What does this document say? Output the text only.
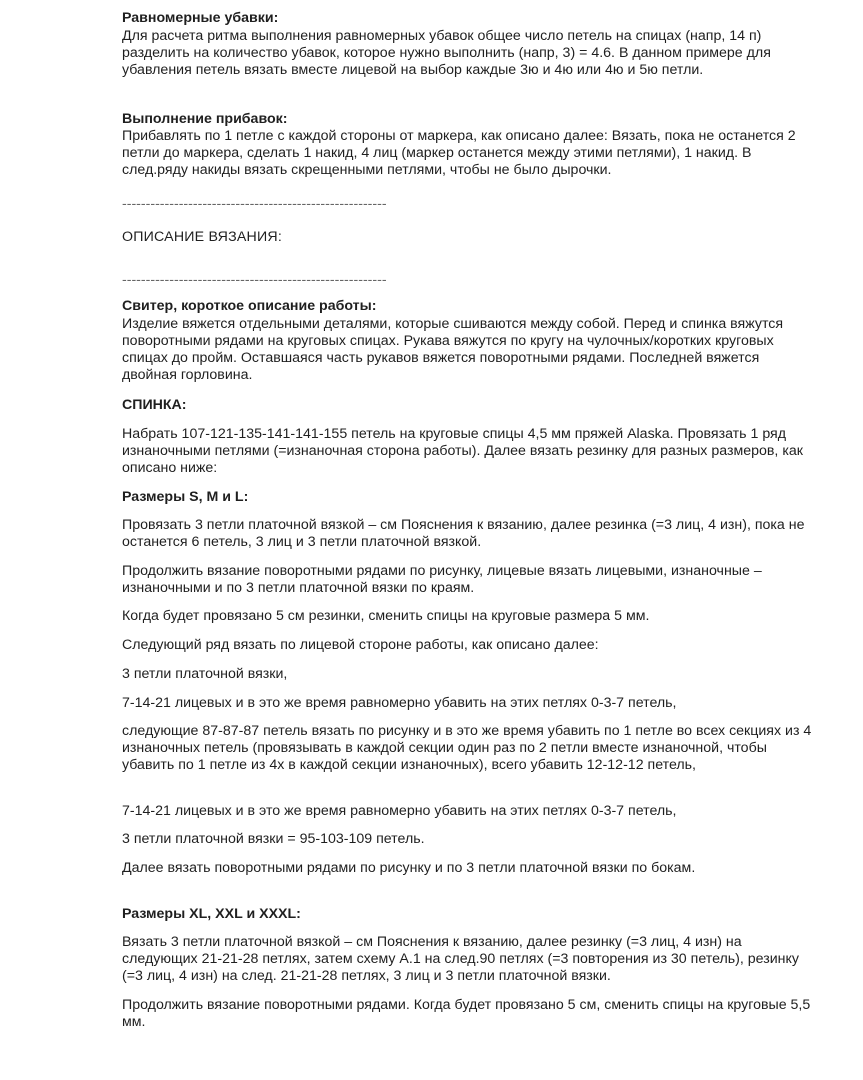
Равномерные убавки:

Для расчета ритма выполнения равномерных убавок общее число петель на спицах (напр, 14 п) разделить на количество убавок, которое нужно выполнить (напр, 3) = 4.6. В данном примере для убавления петель вязать вместе лицевой на выбор каждые 3ю и 4ю или 4ю и 5ю петли.

Выполнение прибавок:

Прибавлять по 1 петле с каждой стороны от маркера, как описано далее: Вязать, пока не останется 2 петли до маркера, сделать 1 накид, 4 лиц (маркер останется между этими петлями), 1 накид. В след.ряду накиды вязать скрещенными петлями, чтобы не было дырочки.

--------------------------------------------------------
ОПИСАНИЕ ВЯЗАНИЯ:
--------------------------------------------------------
Свитер, короткое описание работы:

Изделие вяжется отдельными деталями, которые сшиваются между собой. Перед и спинка вяжутся поворотными рядами на круговых спицах. Рукава вяжутся по кругу на чулочных/коротких круговых спицах до пройм. Оставшаяся часть рукавов вяжется поворотными рядами. Последней вяжется двойная горловина.

СПИНКА:

Набрать 107-121-135-141-141-155 петель на круговые спицы 4,5 мм пряжей Alaska. Провязать 1 ряд изнаночными петлями (=изнаночная сторона работы). Далее вязать резинку для разных размеров, как описано ниже:

Размеры S, M и L:

Провязать 3 петли платочной вязкой – см Пояснения к вязанию, далее резинка (=3 лиц, 4 изн), пока не останется 6 петель, 3 лиц и 3 петли платочной вязкой.

Продолжить вязание поворотными рядами по рисунку, лицевые вязать лицевыми, изнаночные – изнаночными и по 3 петли платочной вязки по краям.

Когда будет провязано 5 см резинки, сменить спицы на круговые размера 5 мм.

Следующий ряд вязать по лицевой стороне работы, как описано далее:

3 петли платочной вязки,

7-14-21 лицевых и в это же время равномерно убавить на этих петлях 0-3-7 петель,

следующие 87-87-87 петель вязать по рисунку и в это же время убавить по 1 петле во всех секциях из 4 изнаночных петель (провязывать в каждой секции один раз по 2 петли вместе изнаночной, чтобы убавить по 1 петле из 4х в каждой секции изнаночных), всего убавить 12-12-12 петель,

7-14-21 лицевых и в это же время равномерно убавить на этих петлях 0-3-7 петель,

3 петли платочной вязки = 95-103-109 петель.

Далее вязать поворотными рядами по рисунку и по 3 петли платочной вязки по бокам.

Размеры XL, XXL и XXXL:

Вязать 3 петли платочной вязкой – см Пояснения к вязанию, далее резинку (=3 лиц, 4 изн) на следующих 21-21-28 петлях, затем схему А.1 на след.90 петлях (=3 повторения из 30 петель), резинку (=3 лиц, 4 изн) на след. 21-21-28 петлях, 3 лиц и 3 петли платочной вязки.

Продолжить вязание поворотными рядами. Когда будет провязано 5 см, сменить спицы на круговые 5,5 мм.
